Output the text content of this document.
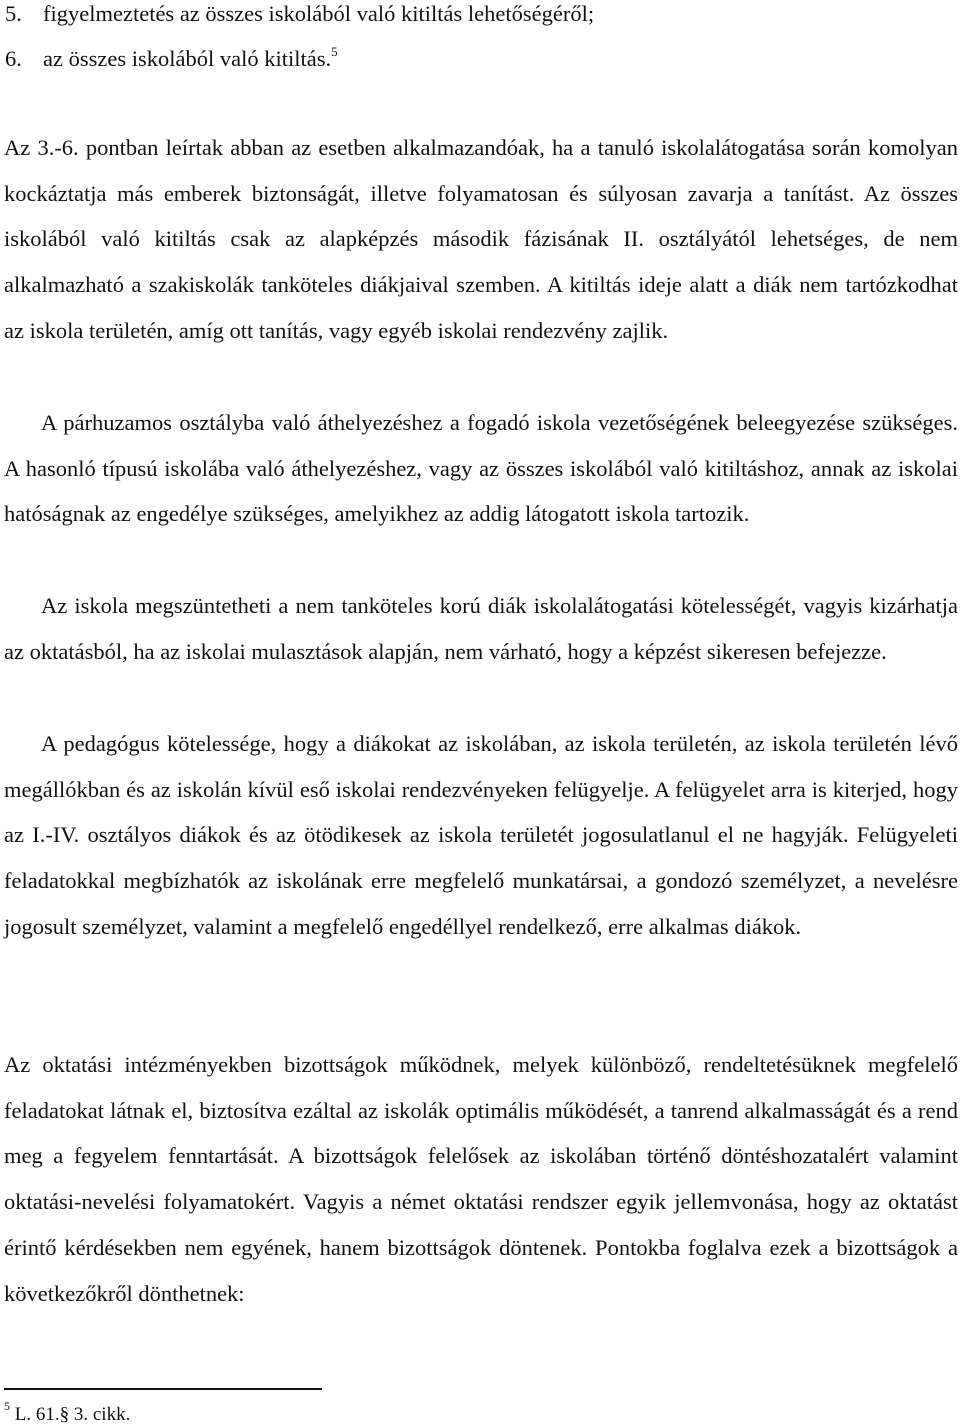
5. figyelmeztetés az összes iskolából való kitiltás lehetőségéről;
6. az összes iskolából való kitiltás.$^5$

Az 3.-6. pontban leírtak abban az esetben alkalmazandóak, ha a tanuló iskolalátogatása során komolyan kockáztatja más emberek biztonságát, illetve folyamatosan és súlyosan zavarja a tanítást. Az összes iskolából való kitiltás csak az alapképzés második fázisának II. osztályától lehetséges, de nem alkalmazható a szakiskolák tanköteles diákjaival szemben. A kitiltás ideje alatt a diák nem tartózkodhat az iskola területén, amíg ott tanítás, vagy egyéb iskolai rendezvény zajlik.

A párhuzamos osztályba való áthelyezéshez a fogadó iskola vezetőségének beleegyezése szükséges. A hasonló típusú iskolába való áthelyezéshez, vagy az összes iskolából való kitiltáshoz, annak az iskolai hatóságnak az engedélye szükséges, amelyikhez az addig látogatott iskola tartozik.

Az iskola megszüntetheti a nem tanköteles korú diák iskolalátogatási kötelességét, vagyis kizárhatja az oktatásból, ha az iskolai mulasztások alapján, nem várható, hogy a képzést sikeresen befejezze.

A pedagógus kötelessége, hogy a diákokat az iskolában, az iskola területén, az iskola területén lévő megállókban és az iskolán kívül eső iskolai rendezvényeken felügyelje. A felügyelet arra is kiterjed, hogy az I.-IV. osztályos diákok és az ötödikesek az iskola területét jogosulatlanul el ne hagyják. Felügyeleti feladatokkal megbízhatók az iskolának erre megfelelő munkatársai, a gondozó személyzet, a nevelésre jogosult személyzet, valamint a megfelelő engedéllyel rendelkező, erre alkalmas diákok.

Az oktatási intézményekben bizottságok működnek, melyek különböző, rendeltetésüknek megfelelő feladatokat látnak el, biztosítva ezáltal az iskolák optimális működését, a tanrend alkalmasságát és a rend meg a fegyelem fenntartását. A bizottságok felelősek az iskolában történő döntéshozatalért valamint oktatási-nevelési folyamatokért. Vagyis a német oktatási rendszer egyik jellemvonása, hogy az oktatást érintő kérdésekben nem egyének, hanem bizottságok döntenek. Pontokba foglalva ezek a bizottságok a következőkről dönthetnek:

$^5$ L. 61.§ 3. cikk.
